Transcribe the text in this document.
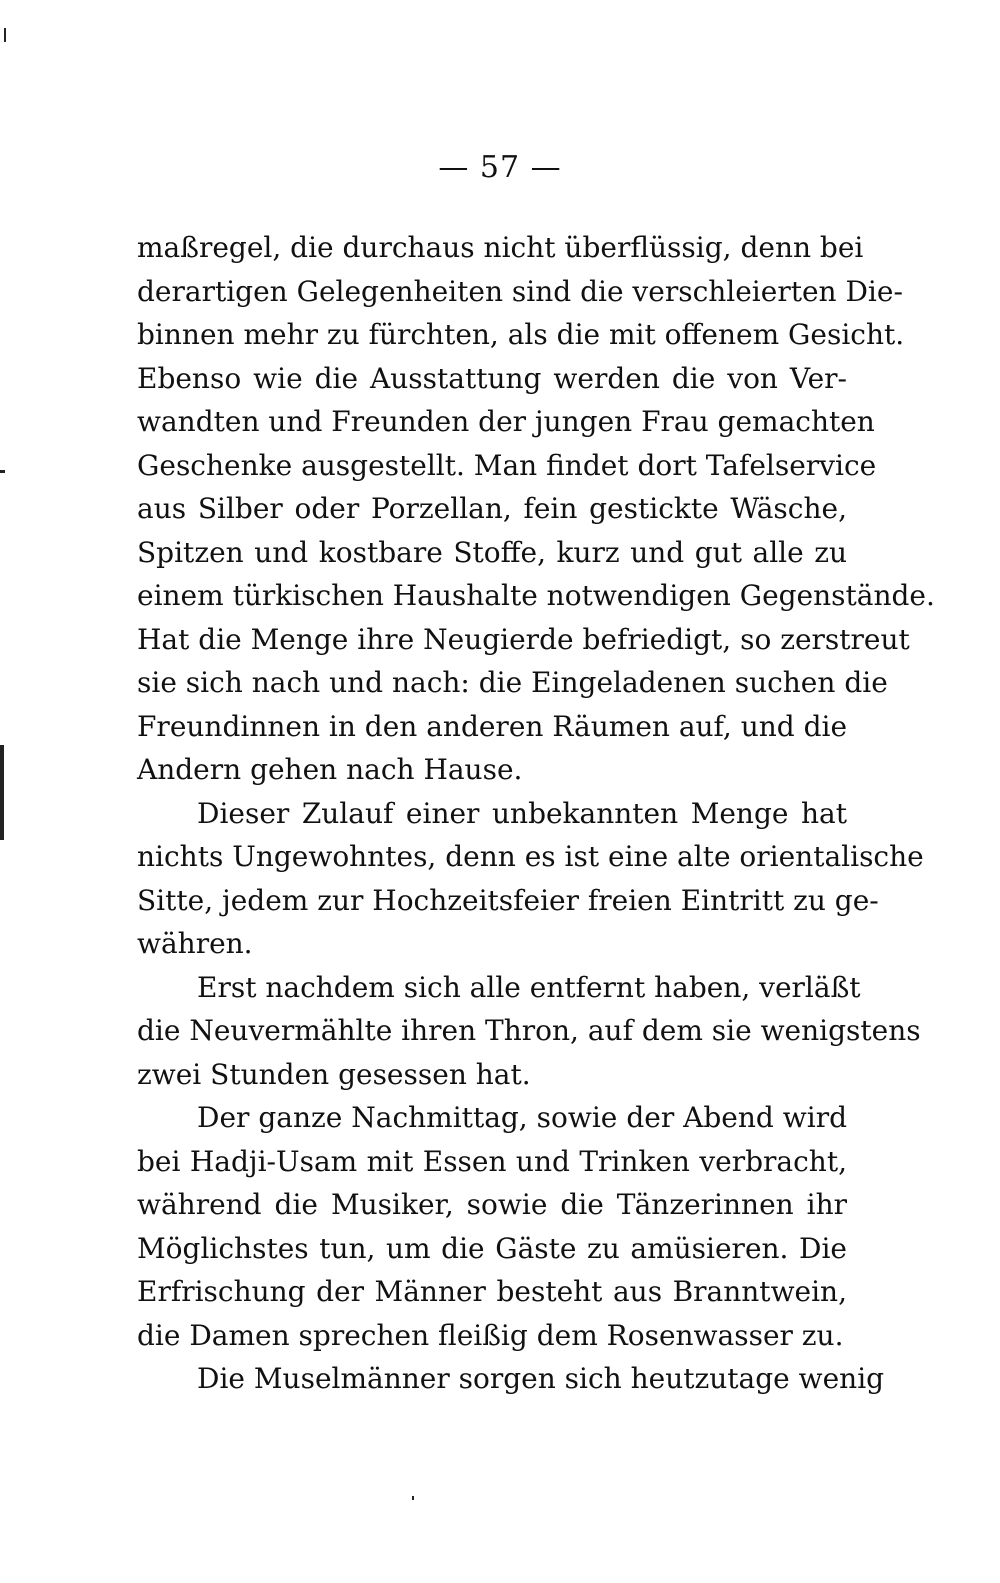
— 57 —
maßregel, die durchaus nicht überflüssig, denn bei
derartigen Gelegenheiten sind die verschleierten Die-
binnen mehr zu fürchten, als die mit offenem Gesicht.
Ebenso wie die Ausstattung werden die von Ver-
wandten und Freunden der jungen Frau gemachten
Geschenke ausgestellt. Man findet dort Tafelservice
aus Silber oder Porzellan, fein gestickte Wäsche,
Spitzen und kostbare Stoffe, kurz und gut alle zu
einem türkischen Haushalte notwendigen Gegenstände.
Hat die Menge ihre Neugierde befriedigt, so zerstreut
sie sich nach und nach: die Eingeladenen suchen die
Freundinnen in den anderen Räumen auf, und die
Andern gehen nach Hause.
Dieser Zulauf einer unbekannten Menge hat
nichts Ungewohntes, denn es ist eine alte orientalische
Sitte, jedem zur Hochzeitsfeier freien Eintritt zu ge-
währen.
Erst nachdem sich alle entfernt haben, verläßt
die Neuvermählte ihren Thron, auf dem sie wenigstens
zwei Stunden gesessen hat.
Der ganze Nachmittag, sowie der Abend wird
bei Hadji-Usam mit Essen und Trinken verbracht,
während die Musiker, sowie die Tänzerinnen ihr
Möglichstes tun, um die Gäste zu amüsieren. Die
Erfrischung der Männer besteht aus Branntwein,
die Damen sprechen fleißig dem Rosenwasser zu.
Die Muselmänner sorgen sich heutzutage wenig
